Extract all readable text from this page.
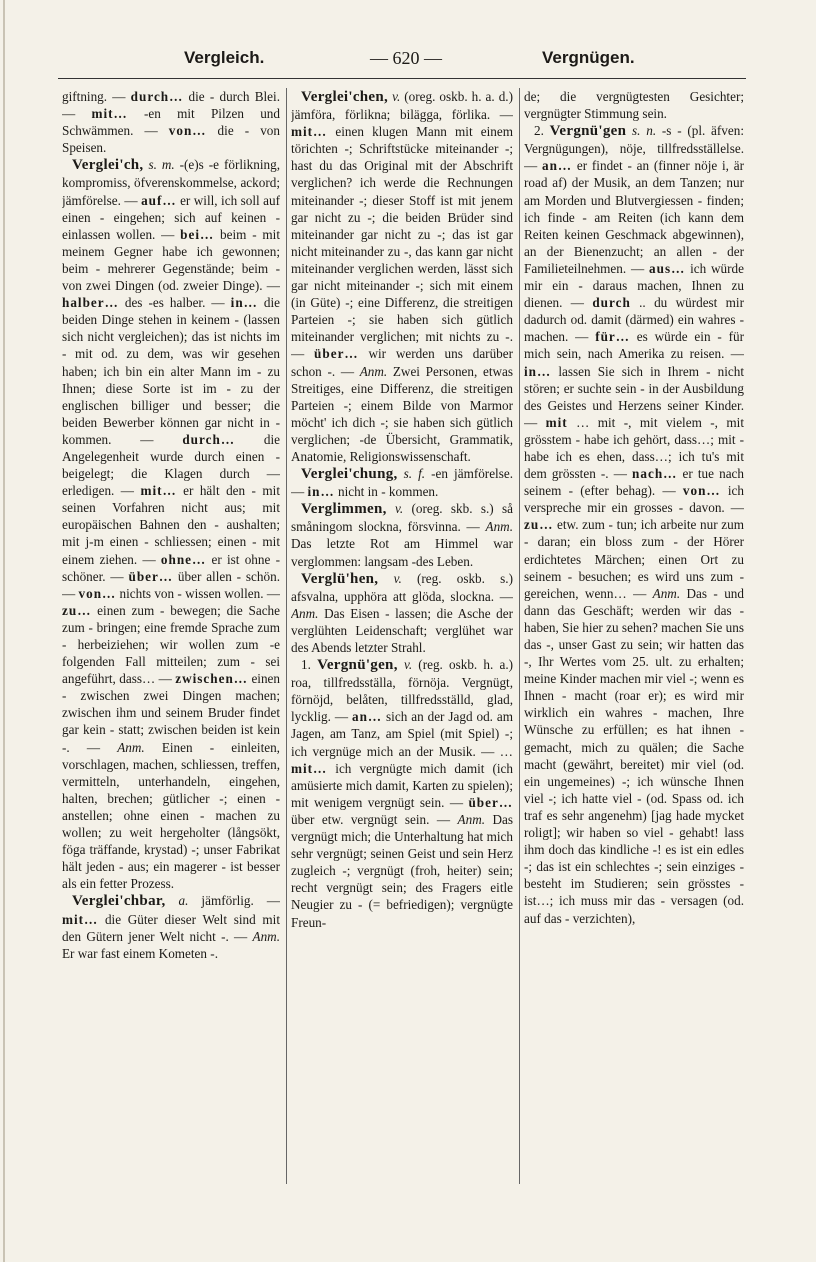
Vergleich.	— 620 —	Vergnügen.

giftning. — durch… die - durch Blei. — mit… -en mit Pilzen und Schwämmen. — von… die - von Speisen.

Verglei'ch, s. m. -(e)s -e förlikning, kompromiss, öfverenskommelse, ackord; jämförelse. — auf… er will, ich soll auf einen - eingehen; sich auf keinen - einlassen wollen. — bei… beim - mit meinem Gegner habe ich gewonnen; beim - mehrerer Gegenstände; beim - von zwei Dingen (od. zweier Dinge). — halber… des -es halber. — in… die beiden Dinge stehen in keinem - (lassen sich nicht vergleichen); das ist nichts im - mit od. zu dem, was wir gesehen haben; ich bin ein alter Mann im - zu Ihnen; diese Sorte ist im - zu der englischen billiger und besser; die beiden Bewerber können gar nicht in - kommen. — durch… die Angelegenheit wurde durch einen - beigelegt; die Klagen durch — erledigen. — mit… er hält den - mit seinen Vorfahren nicht aus; mit europäischen Bahnen den - aushalten; mit j-m einen - schliessen; einen - mit einem ziehen. — ohne… er ist ohne - schöner. — über… über allen - schön. — von… nichts von - wissen wollen. — zu… einen zum - bewegen; die Sache zum - bringen; eine fremde Sprache zum - herbeiziehen; wir wollen zum -e folgenden Fall mitteilen; zum - sei angeführt, dass… — zwischen… einen - zwischen zwei Dingen machen; zwischen ihm und seinem Bruder findet gar kein - statt; zwischen beiden ist kein -. — Anm. Einen - einleiten, vorschlagen, machen, schliessen, treffen, vermitteln, unterhandeln, eingehen, halten, brechen; gütlicher -; einen - anstellen; ohne einen - machen zu wollen; zu weit hergeholter (långsökt, föga träffande, krystad) -; unser Fabrikat hält jeden - aus; ein magerer - ist besser als ein fetter Prozess.

Verglei'chbar, a. jämförlig. — mit… die Güter dieser Welt sind mit den Gütern jener Welt nicht -. — Anm. Er war fast einem Kometen -.

Verglei'chen, v. (oreg. oskb. h. a. d.) jämföra, förlikna; bilägga, förlika. — mit… einen klugen Mann mit einem törichten -; Schriftstücke miteinander -; hast du das Original mit der Abschrift verglichen? ich werde die Rechnungen miteinander -; dieser Stoff ist mit jenem gar nicht zu -; die beiden Brüder sind miteinander gar nicht zu -; das ist gar nicht miteinander zu -, das kann gar nicht miteinander verglichen werden, lässt sich gar nicht miteinander -; sich mit einem (in Güte) -; eine Differenz, die streitigen Parteien -; sie haben sich gütlich miteinander verglichen; mit nichts zu -. — über… wir werden uns darüber schon -. — Anm. Zwei Personen, etwas Streitiges, eine Differenz, die streitigen Parteien -; einem Bilde von Marmor möcht' ich dich -; sie haben sich gütlich verglichen; -de Übersicht, Grammatik, Anatomie, Religionswissenschaft.

Verglei'chung, s. f. -en jämförelse. — in… nicht in - kommen.

Verglimmen, v. (oreg. skb. s.) så småningom slockna, försvinna. — Anm. Das letzte Rot am Himmel war verglommen: langsam -des Leben.

Verglü'hen, v. (reg. oskb. s.) afsvalna, upphöra att glöda, slockna. — Anm. Das Eisen - lassen; die Asche der verglühten Leidenschaft; verglühet war des Abends letzter Strahl.

1. Vergnü'gen, v. (reg. oskb. h. a.) roa, tillfredsställa, förnöja. Vergnügt, förnöjd, belåten, tillfredsställd, glad, lycklig. — an… sich an der Jagd od. am Jagen, am Tanz, am Spiel (mit Spiel) -; ich vergnüge mich an der Musik. — … mit… ich vergnügte mich damit (ich amüsierte mich damit, Karten zu spielen); mit wenigem vergnügt sein. — über… über etw. vergnügt sein. — Anm. Das vergnügt mich; die Unterhaltung hat mich sehr vergnügt; seinen Geist und sein Herz zugleich -; vergnügt (froh, heiter) sein; recht vergnügt sein; des Fragers eitle Neugier zu - (= befriedigen); vergnügte Freun-

de; die vergnügtesten Gesichter; vergnügter Stimmung sein.

2. Vergnü'gen s. n. -s - (pl. äfven: Vergnügungen), nöje, tillfredsställelse. — an… er findet - an (finner nöje i, är road af) der Musik, an dem Tanzen; nur am Morden und Blutvergiessen - finden; ich finde - am Reiten (ich kann dem Reiten keinen Geschmack abgewinnen), an der Bienenzucht; an allen - der Familieteilnehmen. — aus… ich würde mir ein - daraus machen, Ihnen zu dienen. — durch .. du würdest mir dadurch od. damit (därmed) ein wahres - machen. — für… es würde ein - für mich sein, nach Amerika zu reisen. — in… lassen Sie sich in Ihrem - nicht stören; er suchte sein - in der Ausbildung des Geistes und Herzens seiner Kinder. — mit … mit -, mit vielem -, mit grösstem - habe ich gehört, dass…; mit - habe ich es ehen, dass…; ich tu's mit dem grössten -. — nach… er tue nach seinem - (efter behag). — von… ich verspreche mir ein grosses - davon. — zu… etw. zum - tun; ich arbeite nur zum - daran; ein bloss zum - der Hörer erdichtetes Märchen; einen Ort zu seinem - besuchen; es wird uns zum - gereichen, wenn… — Anm. Das - und dann das Geschäft; werden wir das - haben, Sie hier zu sehen? machen Sie uns das -, unser Gast zu sein; wir hatten das -, Ihr Wertes vom 25. ult. zu erhalten; meine Kinder machen mir viel -; wenn es Ihnen - macht (roar er); es wird mir wirklich ein wahres - machen, Ihre Wünsche zu erfüllen; es hat ihnen - gemacht, mich zu quälen; die Sache macht (gewährt, bereitet) mir viel (od. ein ungemeines) -; ich wünsche Ihnen viel -; ich hatte viel - (od. Spass od. ich traf es sehr angenehm) [jag hade mycket roligt]; wir haben so viel - gehabt! lass ihm doch das kindliche -! es ist ein edles -; das ist ein schlechtes -; sein einziges - besteht im Studieren; sein grösstes - ist…; ich muss mir das - versagen (od. auf das - verzichten),
